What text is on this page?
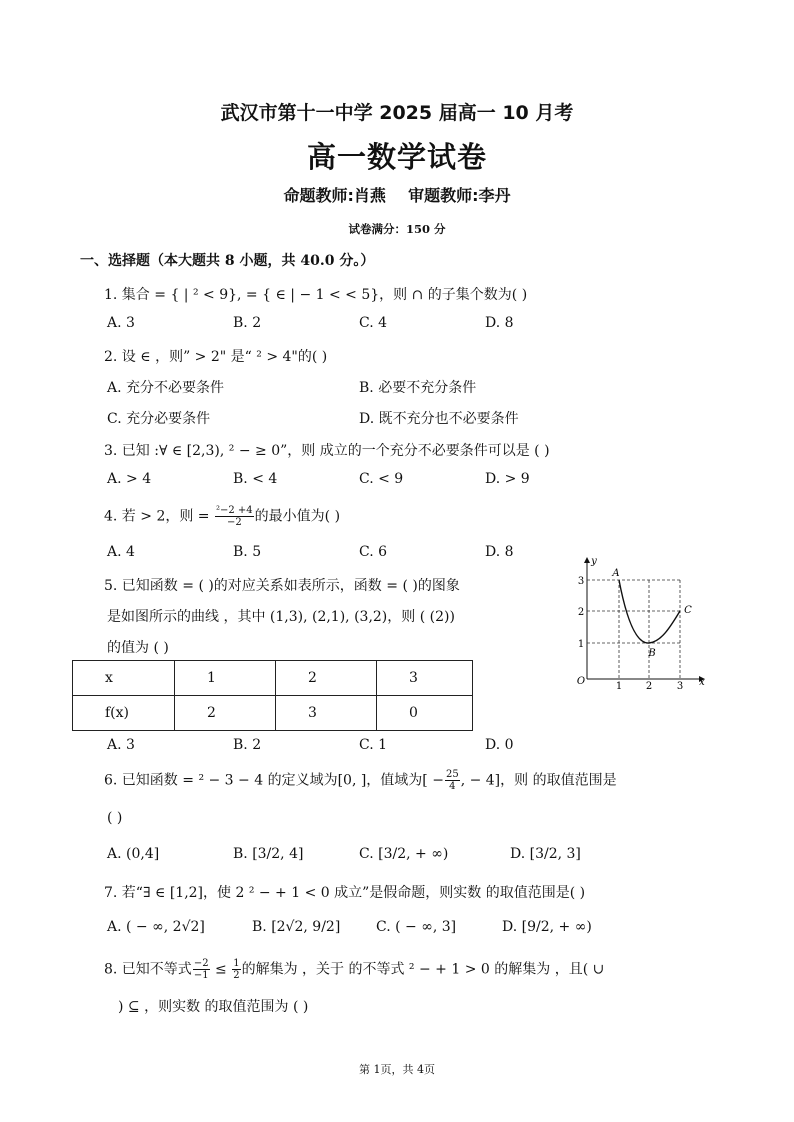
武汉市第十一中学 2025 届高一 10 月考
高一数学试卷
命题教师:肖燕 审题教师:李丹
试卷满分：150 分
一、选择题（本大题共 8 小题，共 40.0 分。）
1. 集合 = { | ² < 9}, = { ∈ | − 1 < < 5}，则 ∩ 的子集个数为( )
A. 3	B. 2	C. 4	D. 8
2. 设 ∈ ，则” > 2" 是“ ² > 4"的( )
A. 充分不必要条件	B. 必要不充分条件
C. 充分必要条件	D. 既不充分也不必要条件
3. 已知 :∀ ∈ [2,3), ² − ≥ 0”，则 成立的一个充分不必要条件可以是 ( )
A. > 4	B. < 4	C. < 9	D. > 9
4. 若 > 2，则 = $\frac{\text{²−2 +4}}{-2}$ 的最小值为( )
A. 4	B. 5	C. 6	D. 8
5. 已知函数 = ( )的对应关系如表所示，函数 = ( )的图象
是如图所示的曲线 ，其中 (1,3), (2,1), (3,2)，则 ( (2))
的值为 ( )
x	1	2	3
f(x)	2	3	0
O	1 2 3
1
2
3
x
y
A
B
C
A. 3	B. 2	C. 1	D. 0
6. 已知函数 = ² − 3 − 4 的定义域为[0, ]，值域为[ − $\frac{25}{4}$ , − 4]，则 的取值范围是
( )
A. (0,4]	B. [3/2, 4]	C. [3/2, + ∞)	D. [3/2, 3]
7. 若“∃ ∈ [1,2]，使 2 ² − + 1 < 0 成立”是假命题，则实数 的取值范围是( )
A. ( − ∞, 2√2]	B. [2√2, 9/2]	C. ( − ∞, 3]	D. [9/2, + ∞)
8. 已知不等式 $\frac{-2}{-1} \le \frac{1}{2}$ 的解集为 ，关于 的不等式 ² − + 1 > 0 的解集为 ，且( ∪
) ⊆ ，则实数 的取值范围为 ( )
第 1页，共 4页
